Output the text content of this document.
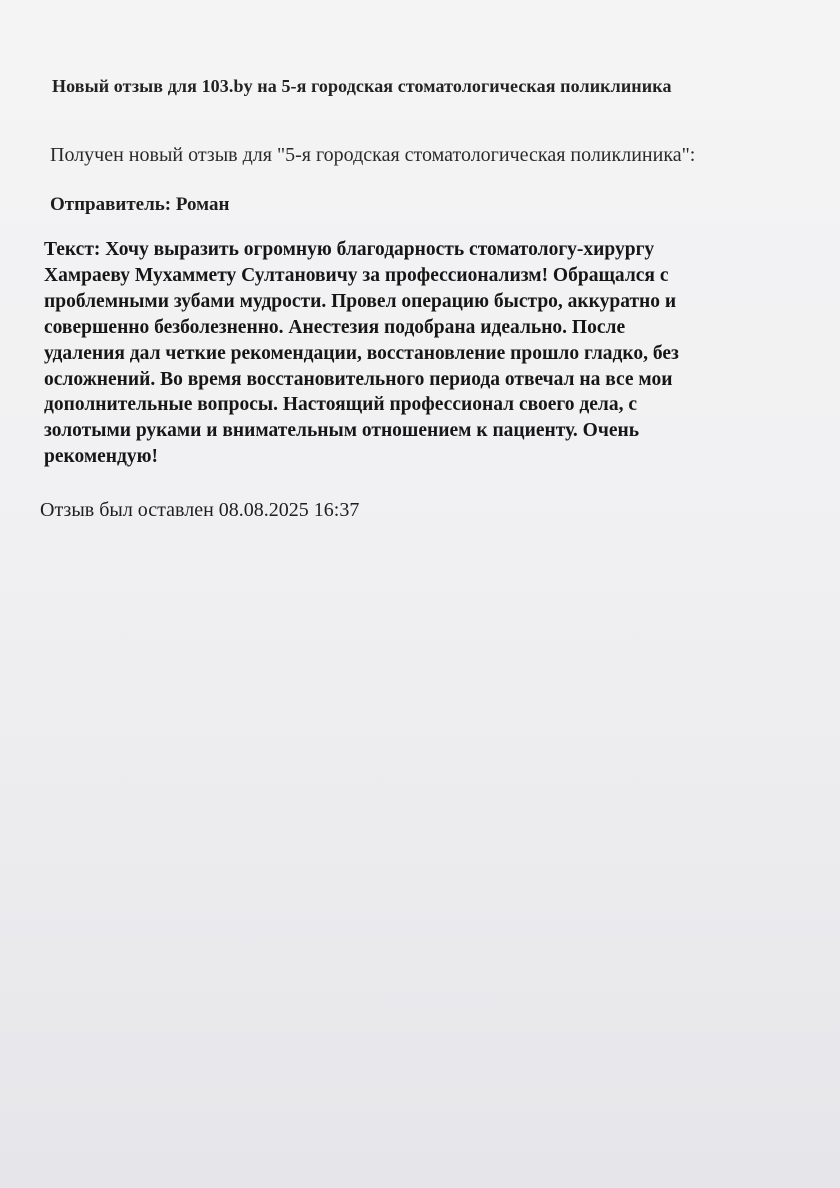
Новый отзыв для 103.by на 5-я городская стоматологическая поликлиника
Получен новый отзыв для "5-я городская стоматологическая поликлиника":
Отправитель: Роман
Текст: Хочу выразить огромную благодарность стоматологу-хирургу
Хамраеву Мухаммету Султановичу за профессионализм! Обращался с
проблемными зубами мудрости. Провел операцию быстро, аккуратно и
совершенно безболезненно. Анестезия подобрана идеально. После
удаления дал четкие рекомендации, восстановление прошло гладко, без
осложнений. Во время восстановительного периода отвечал на все мои
дополнительные вопросы. Настоящий профессионал своего дела, с
золотыми руками и внимательным отношением к пациенту. Очень
рекомендую!
Отзыв был оставлен 08.08.2025 16:37
